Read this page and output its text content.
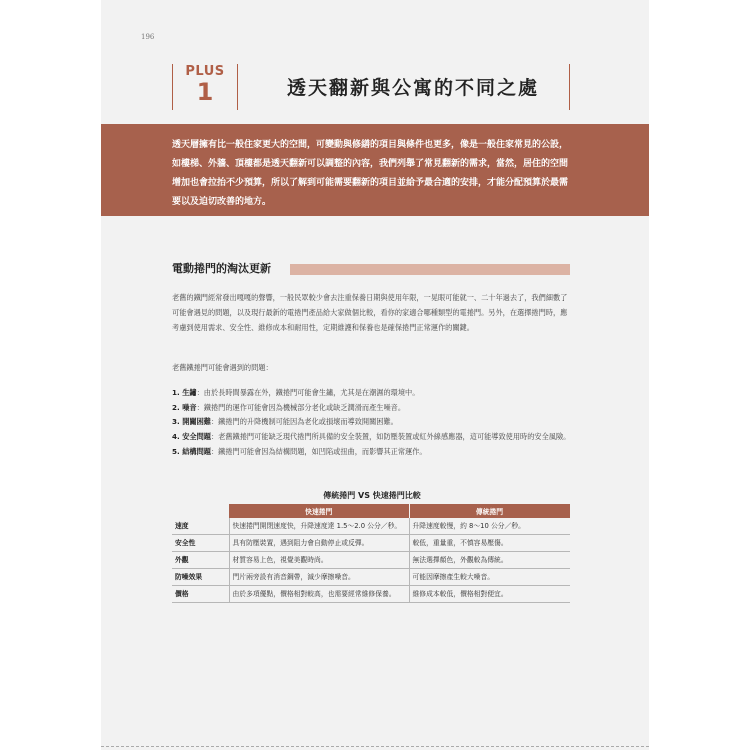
196
PLUS
1	透天翻新與公寓的不同之處
透天層擁有比一般住家更大的空間，可變動與修繕的項目與條件也更多，像是一般住家常見的公設，如樓梯、外牆、頂樓都是透天翻新可以調整的內容，我們列舉了常見翻新的需求，當然，居住的空間增加也會拉抬不少預算，所以了解到可能需要翻新的項目並給予最合適的安排，才能分配預算於最需要以及迫切改善的地方。
電動捲門的淘汰更新
老舊的鐵門經常發出嘎嘎的聲響，一般民眾較少會去注重保養日期與使用年限，一晃眼可能就一、二十年過去了，我們細數了可能會遇見的問題，以及現行最新的電捲門產品給大家做個比較，看你的家適合哪種類型的電捲門。另外，在選擇捲門時，應考慮到使用需求、安全性、維修成本和耐用性，定期維護和保養也是確保捲門正常運作的關鍵。
老舊鐵捲門可能會遇到的問題：
1. 生鏽：由於長時間暴露在外，鐵捲門可能會生鏽，尤其是在潮濕的環境中。
2. 噪音：鐵捲門的運作可能會因為機械部分老化或缺乏潤滑而產生噪音。
3. 開關困難：鐵捲門的升降機制可能因為老化或損壞而導致開關困難。
4. 安全問題：老舊鐵捲門可能缺乏現代捲門所具備的安全裝置，如防壓裝置或紅外線感應器，這可能導致使用時的安全風險。
5. 結構問題：鐵捲門可能會因為結構問題，如凹陷或扭曲，而影響其正常運作。
傳統捲門 VS 快速捲門比較
	快速捲門	傳統捲門
速度	快速捲門開閉速度快，升降速度達 1.5～2.0 公分／秒。	升降速度較慢，約 8～10 公分／秒。
安全性	具有防壓裝置，遇到阻力會自動停止或反彈。	較低，重量重，不慎容易壓傷。
外觀	材質容易上色，視覺美觀時尚。	無法選擇顏色，外觀較為傳統。
防噪效果	門片兩旁設有消音鋼帶，減少摩擦噪音。	可能因摩擦產生較大噪音。
價格	由於多項優點，價格相對較高，也需要經常維修保養。	維修成本較低，價格相對便宜。
